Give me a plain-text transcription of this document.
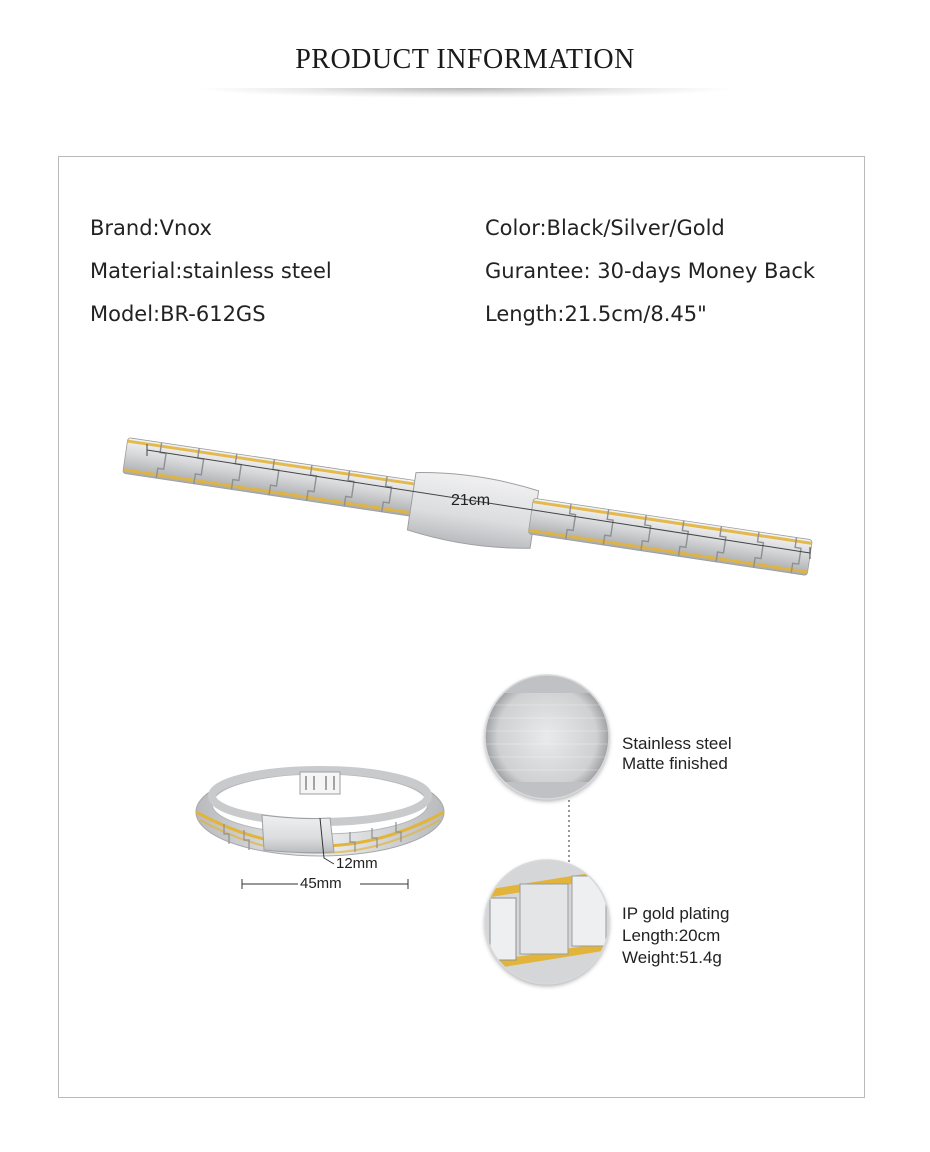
PRODUCT INFORMATION
Brand:Vnox
Material:stainless steel
Model:BR-612GS
Color:Black/Silver/Gold
Gurantee: 30-days Money Back
Length:21.5cm/8.45"
21cm
12mm
45mm
Stainless steel
Matte finished
IP gold plating
Length:20cm
Weight:51.4g
